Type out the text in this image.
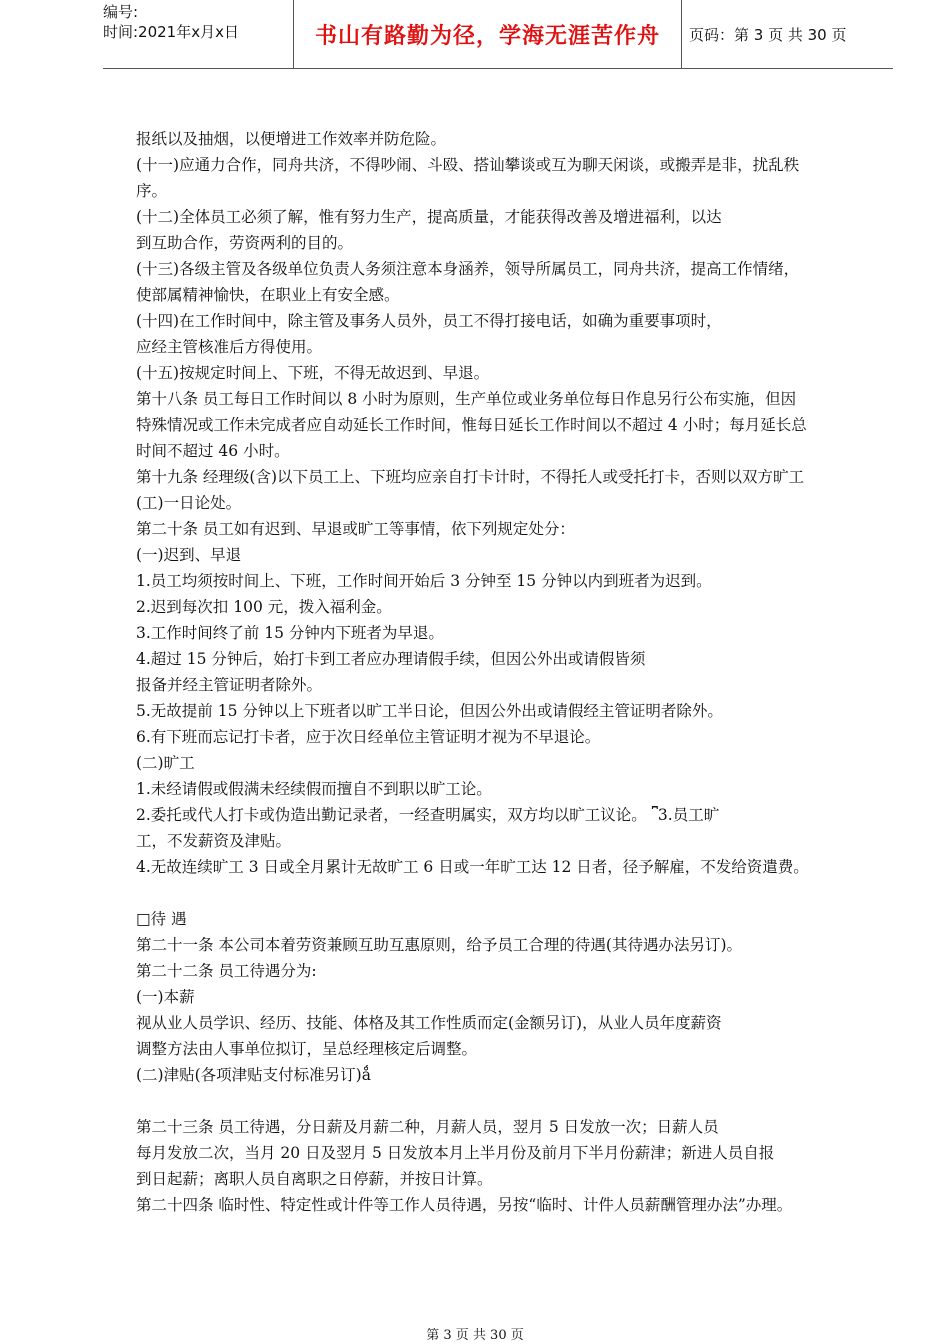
编号:
时间:2021年x月x日	书山有路勤为径，学海无涯苦作舟	页码：第 3 页 共 30 页

报纸以及抽烟，以便增进工作效率并防危险。

(十一)应通力合作，同舟共济，不得吵闹、斗殴、搭讪攀谈或互为聊天闲谈，或搬弄是非，扰乱秩

序。

(十二)全体员工必须了解，惟有努力生产，提高质量，才能获得改善及增进福利，以达

到互助合作，劳资两利的目的。

(十三)各级主管及各级单位负责人务须注意本身涵养，领导所属员工，同舟共济，提高工作情绪，

使部属精神愉快，在职业上有安全感。

(十四)在工作时间中，除主管及事务人员外，员工不得打接电话，如确为重要事项时，

应经主管核准后方得使用。

(十五)按规定时间上、下班，不得无故迟到、早退。

第十八条 员工每日工作时间以 8 小时为原则，生产单位或业务单位每日作息另行公布实施，但因

特殊情况或工作未完成者应自动延长工作时间，惟每日延长工作时间以不超过 4 小时；每月延长总

时间不超过 46 小时。

第十九条 经理级(含)以下员工上、下班均应亲自打卡计时，不得托人或受托打卡，否则以双方旷工

(工)一日论处。

第二十条 员工如有迟到、早退或旷工等事情，依下列规定处分：

(一)迟到、早退

1.员工均须按时间上、下班，工作时间开始后 3 分钟至 15 分钟以内到班者为迟到。

2.迟到每次扣 100 元，拨入福利金。

3.工作时间终了前 15 分钟内下班者为早退。

4.超过 15 分钟后，始打卡到工者应办理请假手续，但因公外出或请假皆须

报备并经主管证明者除外。

5.无故提前 15 分钟以上下班者以旷工半日论，但因公外出或请假经主管证明者除外。

6.有下班而忘记打卡者，应于次日经单位主管证明才视为不早退论。

(二)旷工

1.未经请假或假满未经续假而擅自不到职以旷工论。

2.委托或代人打卡或伪造出勤记录者，一经查明属实，双方均以旷工议论。 ⎴3.员工旷

工，不发薪资及津贴。

4.无故连续旷工 3 日或全月累计无故旷工 6 日或一年旷工达 12 日者，径予解雇，不发给资遣费。

□待 遇

第二十一条 本公司本着劳资兼顾互助互惠原则，给予员工合理的待遇(其待遇办法另订)。

第二十二条 员工待遇分为:

(一)本薪

视从业人员学识、经历、技能、体格及其工作性质而定(金额另订)，从业人员年度薪资

调整方法由人事单位拟订，呈总经理核定后调整。

(二)津贴(各项津贴支付标准另订)ǻ

第二十三条 员工待遇，分日薪及月薪二种，月薪人员，翌月 5 日发放一次；日薪人员

每月发放二次，当月 20 日及翌月 5 日发放本月上半月份及前月下半月份薪津；新进人员自报

到日起薪；离职人员自离职之日停薪，并按日计算。

第二十四条 临时性、特定性或计件等工作人员待遇，另按“临时、计件人员薪酬管理办法”办理。

第 3 页 共 30 页
